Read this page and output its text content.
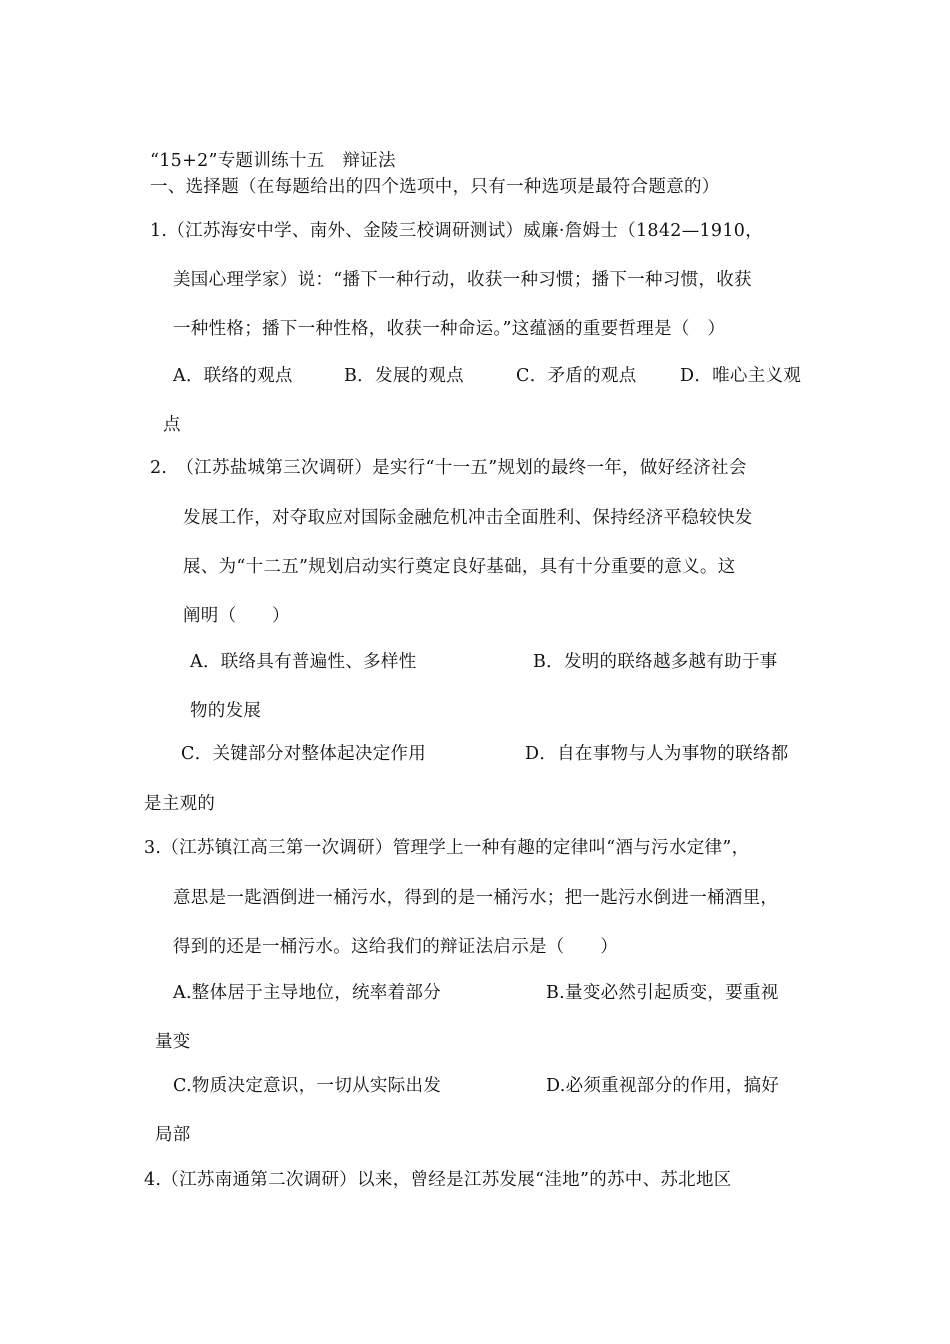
“15+2”专题训练十五　辩证法
一、选择题（在每题给出的四个选项中，只有一种选项是最符合题意的）
1.（江苏海安中学、南外、金陵三校调研测试）威廉·詹姆士（1842—1910，
美国心理学家）说：“播下一种行动，收获一种习惯；播下一种习惯，收获
一种性格；播下一种性格，收获一种命运。”这蕴涵的重要哲理是（　）
A．联络的观点	B．发展的观点	C．矛盾的观点 D．唯心主义观
点
2.　（江苏盐城第三次调研）是实行“十一五”规划的最终一年，做好经济社会
发展工作，对夺取应对国际金融危机冲击全面胜利、保持经济平稳较快发
展、为“十二五”规划启动实行奠定良好基础，具有十分重要的意义。这
阐明（　　）
A．联络具有普遍性、多样性	B．发明的联络越多越有助于事
物的发展
C．关键部分对整体起决定作用	D．自在事物与人为事物的联络都
是主观的
3.（江苏镇江高三第一次调研）管理学上一种有趣的定律叫“酒与污水定律”，
意思是一匙酒倒进一桶污水，得到的是一桶污水；把一匙污水倒进一桶酒里，
得到的还是一桶污水。这给我们的辩证法启示是（　　）
A.整体居于主导地位，统率着部分	B.量变必然引起质变，要重视
量变
C.物质决定意识，一切从实际出发	D.必须重视部分的作用，搞好
局部
4.（江苏南通第二次调研）以来，曾经是江苏发展“洼地”的苏中、苏北地区
